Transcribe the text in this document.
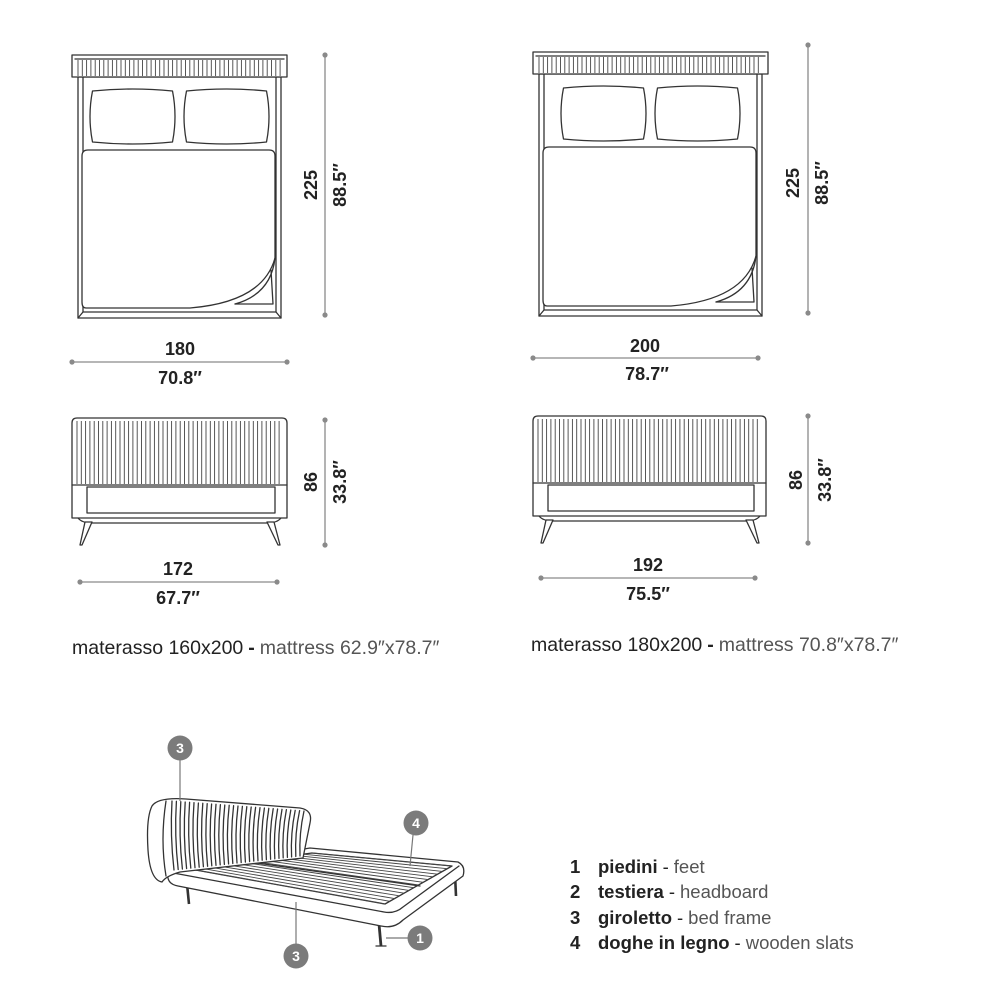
225 88.5″
180
70.8″
86 33.8″
172
67.7″
materasso 160x200 - mattress 62.9″x78.7″
225 88.5″
200
78.7″
86 33.8″
192
75.5″
materasso 180x200 - mattress 70.8″x78.7″
3
4
1
3
1 piedini - feet
2 testiera - headboard
3 giroletto - bed frame
4 doghe in legno - wooden slats
